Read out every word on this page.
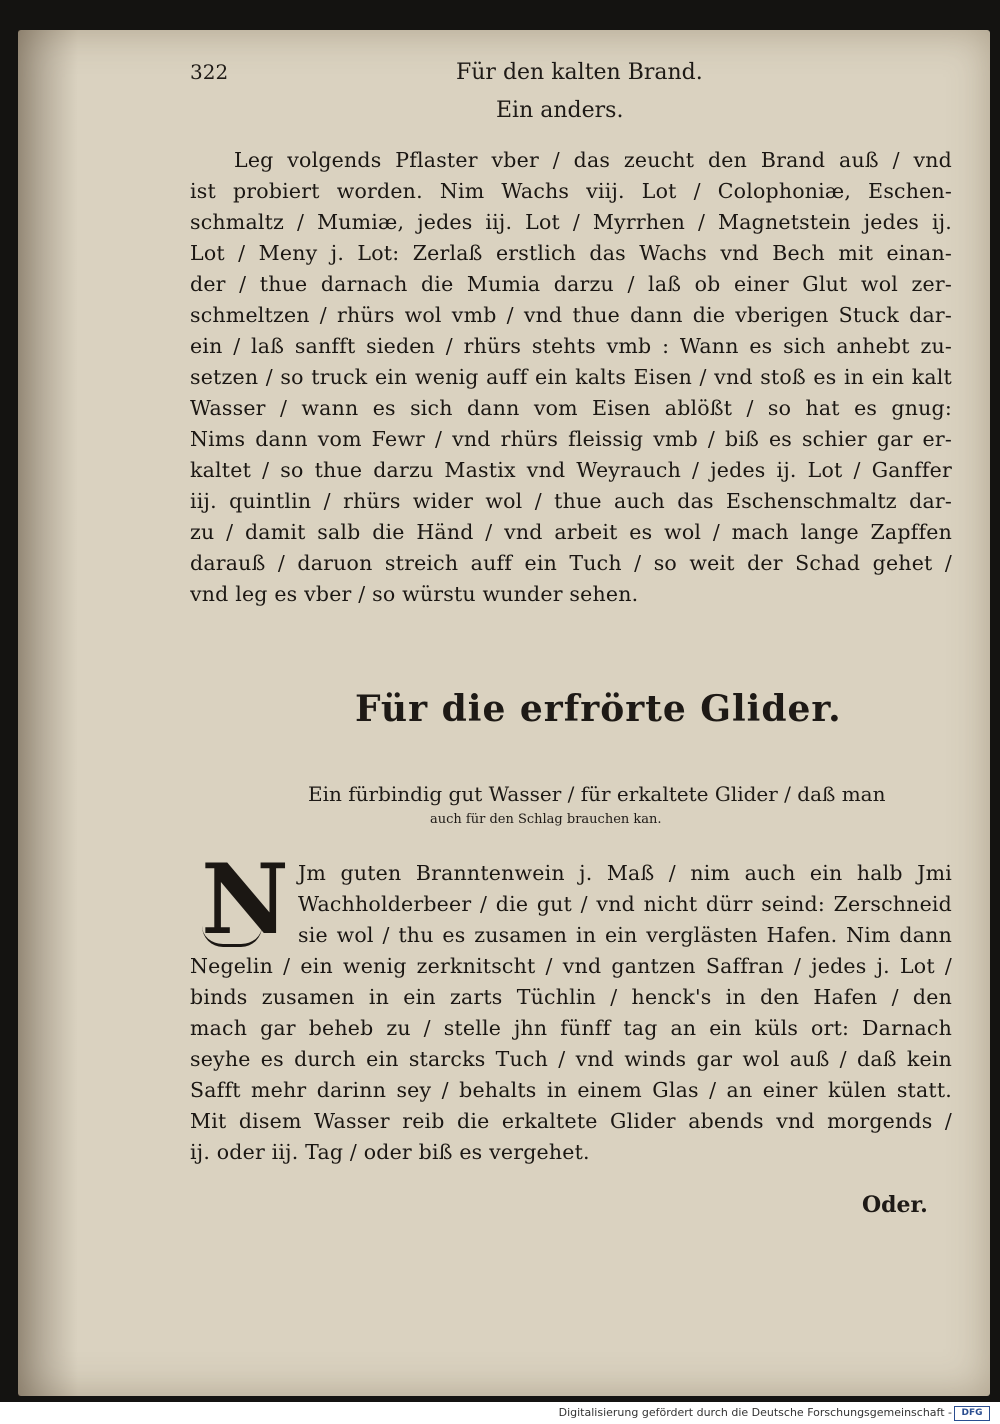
322	Für den kalten Brand.
Ein anders.
Leg volgends Pflaster vber / das zeucht den Brand auß / vnd
ist probiert worden. Nim Wachs viij. Lot / Colophoniæ, Eschen-
schmaltz / Mumiæ, jedes iij. Lot / Myrrhen / Magnetstein jedes ij.
Lot / Meny j. Lot: Zerlaß erstlich das Wachs vnd Bech mit einan-
der / thue darnach die Mumia darzu / laß ob einer Glut wol zer-
schmeltzen / rhürs wol vmb / vnd thue dann die vberigen Stuck dar-
ein / laß sanfft sieden / rhürs stehts vmb : Wann es sich anhebt zu-
setzen / so truck ein wenig auff ein kalts Eisen / vnd stoß es in ein kalt
Wasser / wann es sich dann vom Eisen ablößt / so hat es gnug:
Nims dann vom Fewr / vnd rhürs fleissig vmb / biß es schier gar er-
kaltet / so thue darzu Mastix vnd Weyrauch / jedes ij. Lot / Ganffer
iij. quintlin / rhürs wider wol / thue auch das Eschenschmaltz dar-
zu / damit salb die Händ / vnd arbeit es wol / mach lange Zapffen
darauß / daruon streich auff ein Tuch / so weit der Schad gehet /
vnd leg es vber / so würstu wunder sehen.
Für die erfrörte Glider.
Ein fürbindig gut Wasser / für erkaltete Glider / daß man
auch für den Schlag brauchen kan.
N Jm guten Branntenwein j. Maß / nim auch ein halb Jmi
Wachholderbeer / die gut / vnd nicht dürr seind: Zerschneid
sie wol / thu es zusamen in ein verglästen Hafen. Nim dann
Negelin / ein wenig zerknitscht / vnd gantzen Saffran / jedes j. Lot /
binds zusamen in ein zarts Tüchlin / henck's in den Hafen / den
mach gar beheb zu / stelle jhn fünff tag an ein küls ort: Darnach
seyhe es durch ein starcks Tuch / vnd winds gar wol auß / daß kein
Safft mehr darinn sey / behalts in einem Glas / an einer külen statt.
Mit disem Wasser reib die erkaltete Glider abends vnd morgends /
ij. oder iij. Tag / oder biß es vergehet.
Oder.
Digitalisierung gefördert durch die Deutsche Forschungsgemeinschaft -	DFG
